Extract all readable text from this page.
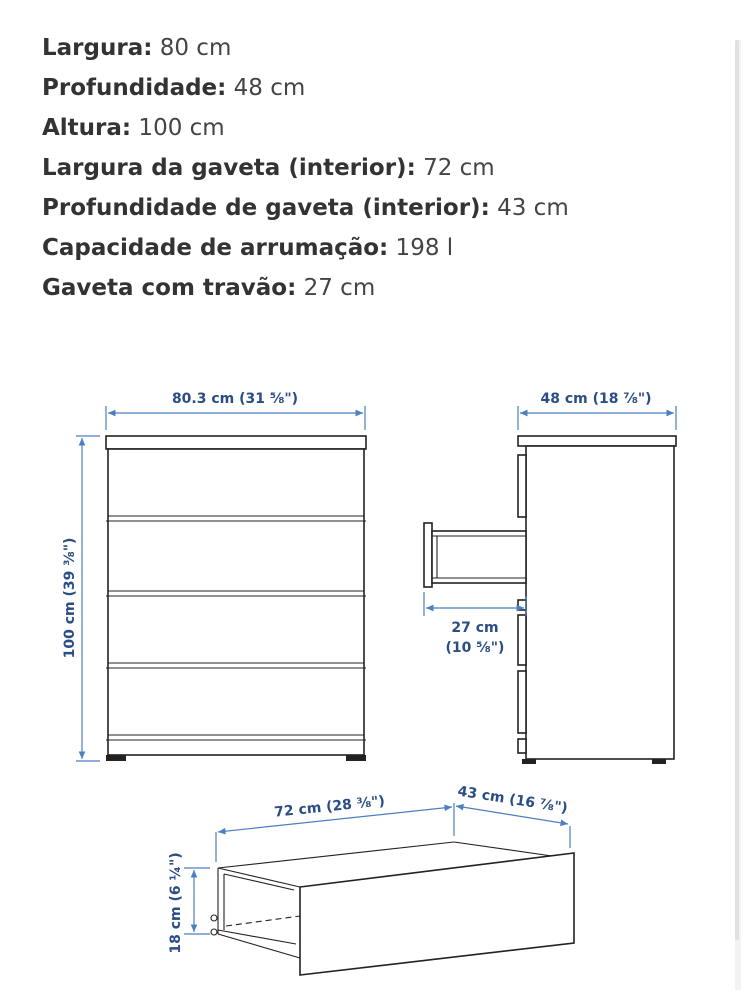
Largura: 80 cm
Profundidade: 48 cm
Altura: 100 cm
Largura da gaveta (interior): 72 cm
Profundidade de gaveta (interior): 43 cm
Capacidade de arrumação: 198 l
Gaveta com travão: 27 cm
80.3 cm (31 ⅝")
100 cm (39 ⅜")
48 cm (18 ⅞")
27 cm
(10 ⅝")
72 cm (28 ⅜")	43 cm (16 ⅞")
18 cm (6 ¼")
